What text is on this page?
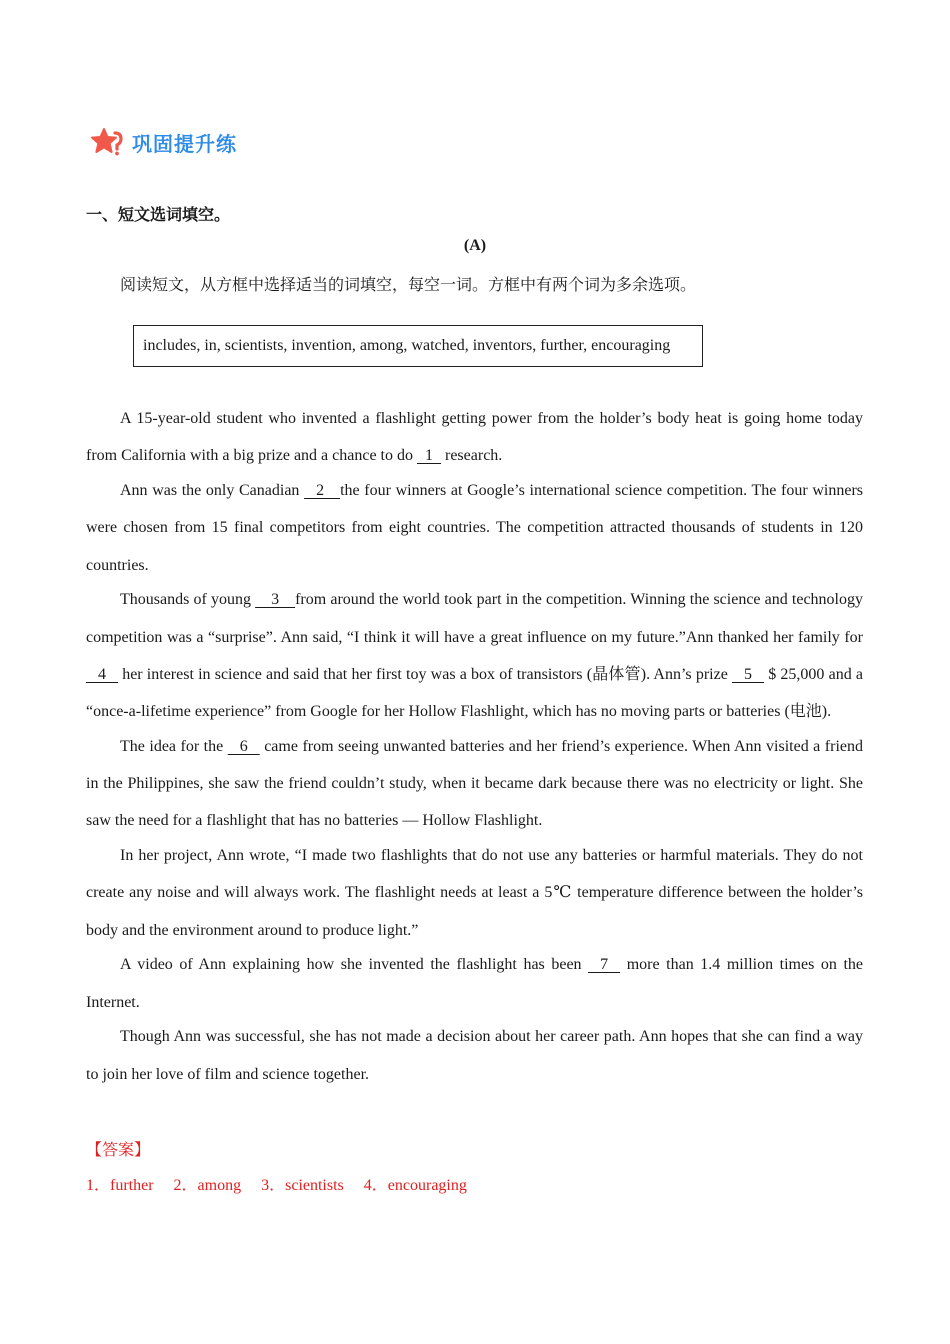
巩固提升练
一、短文选词填空。
(A)
阅读短文，从方框中选择适当的词填空，每空一词。方框中有两个词为多余选项。
includes, in, scientists, invention, among, watched, inventors, further, encouraging

A 15-year-old student who invented a flashlight getting power from the holder’s body heat is going home today from California with a big prize and a chance to do   1   research.

Ann was the only Canadian    2    the four winners at Google’s international science competition. The four winners were chosen from 15 final competitors from eight countries. The competition attracted thousands of students in 120 countries.

Thousands of young     3    from around the world took part in the competition. Winning the science and technology competition was a “surprise”. Ann said, “I think it will have a great influence on my future.”Ann thanked her family for    4    her interest in science and said that her first toy was a box of transistors (晶体管). Ann’s prize    5    $ 25,000 and a “once-a-lifetime experience” from Google for her Hollow Flashlight, which has no moving parts or batteries (电池).

The idea for the    6    came from seeing unwanted batteries and her friend’s experience. When Ann visited a friend in the Philippines, she saw the friend couldn’t study, when it became dark because there was no electricity or light. She saw the need for a flashlight that has no batteries — Hollow Flashlight.

In her project, Ann wrote, “I made two flashlights that do not use any batteries or harmful materials. They do not create any noise and will always work. The flashlight needs at least a 5℃ temperature difference between the holder’s body and the environment around to produce light.”

A video of Ann explaining how she invented the flashlight has been    7    more than 1.4 million times on the Internet.

Though Ann was successful, she has not made a decision about her career path. Ann hopes that she can find a way to join her love of film and science together.

【答案】
1．further 2．among 3．scientists 4．encouraging
